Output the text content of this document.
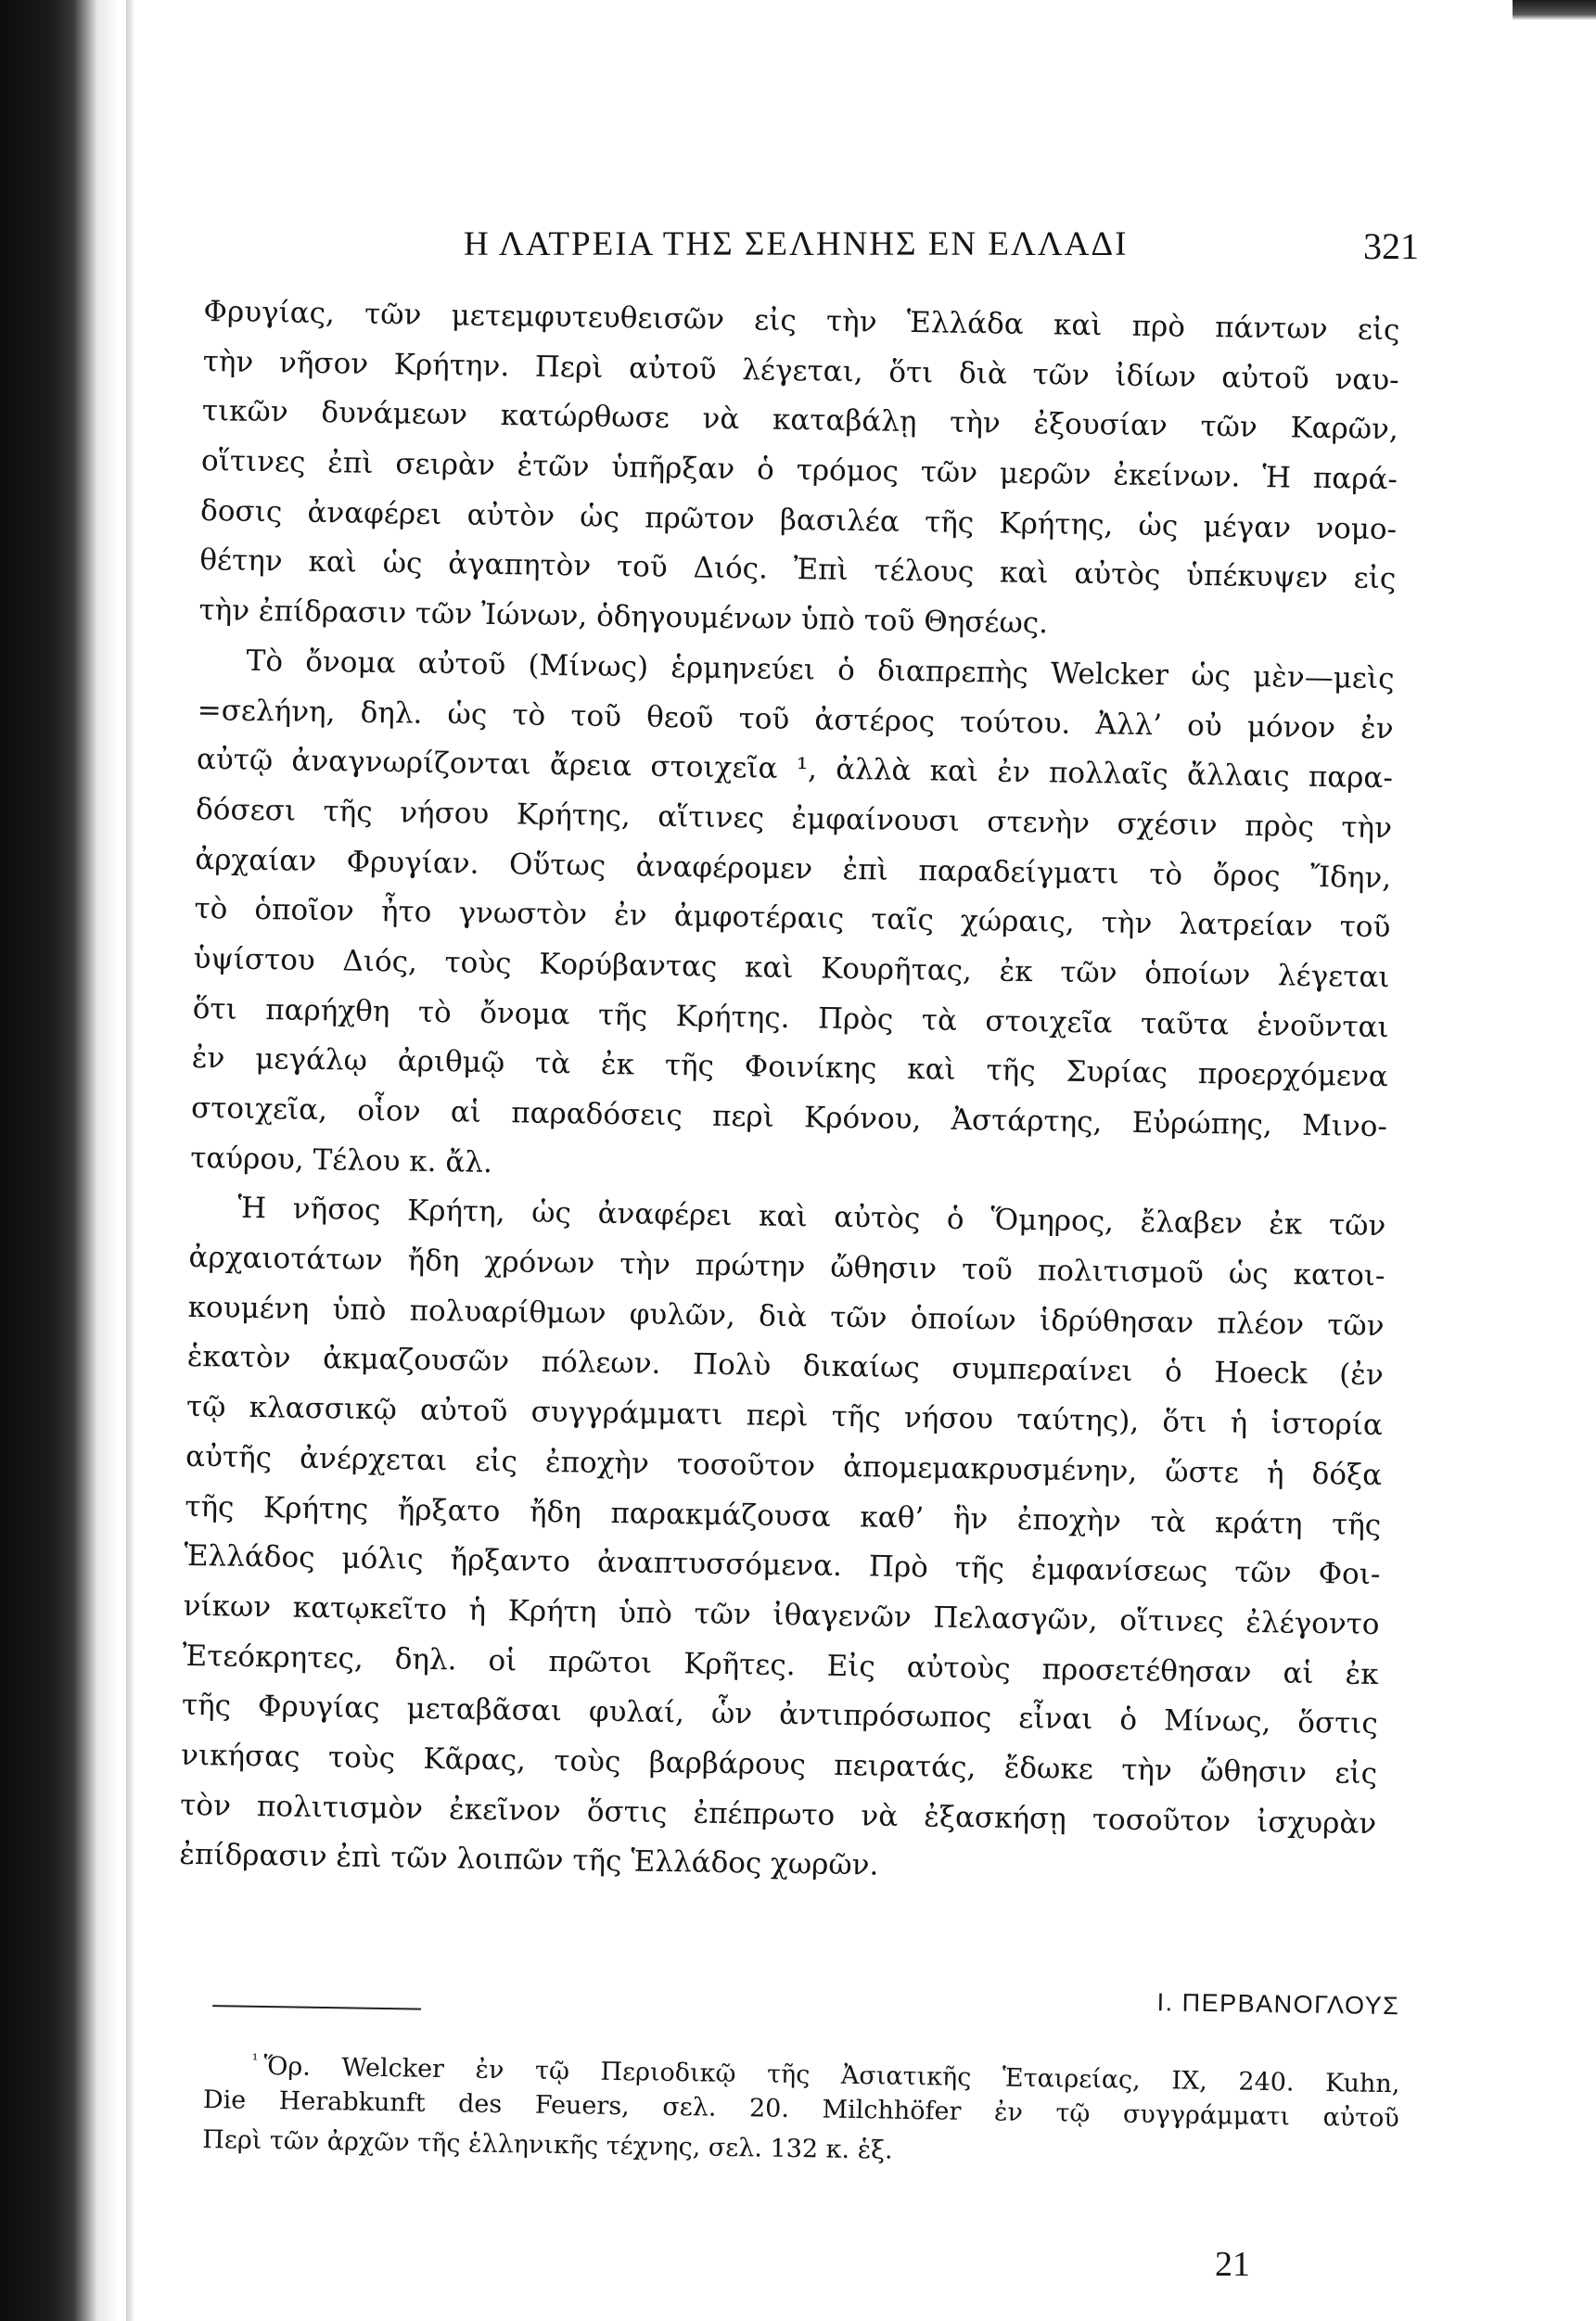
Η ΛΑΤΡΕΙΑ ΤΗΣ ΣΕΛΗΝΗΣ ΕΝ ΕΛΛΑΔΙ	321
Φρυγίας, τῶν μετεμφυτευθεισῶν εἰς τὴν Ἑλλάδα καὶ πρὸ πάντων εἰς
τὴν νῆσον Κρήτην. Περὶ αὐτοῦ λέγεται, ὅτι διὰ τῶν ἰδίων αὐτοῦ ναυ-
τικῶν δυνάμεων κατώρθωσε νὰ καταβάλῃ τὴν ἐξουσίαν τῶν Καρῶν,
οἵτινες ἐπὶ σειρὰν ἐτῶν ὑπῆρξαν ὁ τρόμος τῶν μερῶν ἐκείνων. Ἡ παρά-
δοσις ἀναφέρει αὐτὸν ὡς πρῶτον βασιλέα τῆς Κρήτης, ὡς μέγαν νομο-
θέτην καὶ ὡς ἀγαπητὸν τοῦ Διός. Ἐπὶ τέλους καὶ αὐτὸς ὑπέκυψεν εἰς
τὴν ἐπίδρασιν τῶν Ἰώνων, ὁδηγουμένων ὑπὸ τοῦ Θησέως.
Τὸ ὄνομα αὐτοῦ (Μίνως) ἑρμηνεύει ὁ διαπρεπὴς Welcker ὡς μὲν—μεὶς
=σελήνη, δηλ. ὡς τὸ τοῦ θεοῦ τοῦ ἀστέρος τούτου. Ἀλλ’ οὐ μόνον ἐν
αὐτῷ ἀναγνωρίζονται ἄρεια στοιχεῖα ¹, ἀλλὰ καὶ ἐν πολλαῖς ἄλλαις παρα-
δόσεσι τῆς νήσου Κρήτης, αἵτινες ἐμφαίνουσι στενὴν σχέσιν πρὸς τὴν
ἀρχαίαν Φρυγίαν. Οὕτως ἀναφέρομεν ἐπὶ παραδείγματι τὸ ὄρος Ἴδην,
τὸ ὁποῖον ἦτο γνωστὸν ἐν ἀμφοτέραις ταῖς χώραις, τὴν λατρείαν τοῦ
ὑψίστου Διός, τοὺς Κορύβαντας καὶ Κουρῆτας, ἐκ τῶν ὁποίων λέγεται
ὅτι παρήχθη τὸ ὄνομα τῆς Κρήτης. Πρὸς τὰ στοιχεῖα ταῦτα ἑνοῦνται
ἐν μεγάλῳ ἀριθμῷ τὰ ἐκ τῆς Φοινίκης καὶ τῆς Συρίας προερχόμενα
στοιχεῖα, οἷον αἱ παραδόσεις περὶ Κρόνου, Ἀστάρτης, Εὐρώπης, Μινο-
ταύρου, Τέλου κ. ἄλ.
Ἡ νῆσος Κρήτη, ὡς ἀναφέρει καὶ αὐτὸς ὁ Ὅμηρος, ἔλαβεν ἐκ τῶν
ἀρχαιοτάτων ἤδη χρόνων τὴν πρώτην ὤθησιν τοῦ πολιτισμοῦ ὡς κατοι-
κουμένη ὑπὸ πολυαρίθμων φυλῶν, διὰ τῶν ὁποίων ἱδρύθησαν πλέον τῶν
ἑκατὸν ἀκμαζουσῶν πόλεων. Πολὺ δικαίως συμπεραίνει ὁ Hoeck (ἐν
τῷ κλασσικῷ αὐτοῦ συγγράμματι περὶ τῆς νήσου ταύτης), ὅτι ἡ ἱστορία
αὐτῆς ἀνέρχεται εἰς ἐποχὴν τοσοῦτον ἀπομεμακρυσμένην, ὥστε ἡ δόξα
τῆς Κρήτης ἤρξατο ἤδη παρακμάζουσα καθ’ ἣν ἐποχὴν τὰ κράτη τῆς
Ἑλλάδος μόλις ἤρξαντο ἀναπτυσσόμενα. Πρὸ τῆς ἐμφανίσεως τῶν Φοι-
νίκων κατῳκεῖτο ἡ Κρήτη ὑπὸ τῶν ἰθαγενῶν Πελασγῶν, οἵτινες ἐλέγοντο
Ἐτεόκρητες, δηλ. οἱ πρῶτοι Κρῆτες. Εἰς αὐτοὺς προσετέθησαν αἱ ἐκ
τῆς Φρυγίας μεταβᾶσαι φυλαί, ὧν ἀντιπρόσωπος εἶναι ὁ Μίνως, ὅστις
νικήσας τοὺς Κᾶρας, τοὺς βαρβάρους πειρατάς, ἔδωκε τὴν ὤθησιν εἰς
τὸν πολιτισμὸν ἐκεῖνον ὅστις ἐπέπρωτο νὰ ἐξασκήσῃ τοσοῦτον ἰσχυρὰν
ἐπίδρασιν ἐπὶ τῶν λοιπῶν τῆς Ἑλλάδος χωρῶν.
Ι. ΠΕΡΒΑΝΟΓΛΟΥΣ
$^{^1}$ Ὅρ. Welcker ἐν τῷ Περιοδικῷ τῆς Ἀσιατικῆς Ἑταιρείας, IX, 240. Kuhn,
Die Herabkunft des Feuers, σελ. 20. Milchhöfer ἐν τῷ συγγράμματι αὐτοῦ
Περὶ τῶν ἀρχῶν τῆς ἑλληνικῆς τέχνης, σελ. 132 κ. ἑξ.
21
